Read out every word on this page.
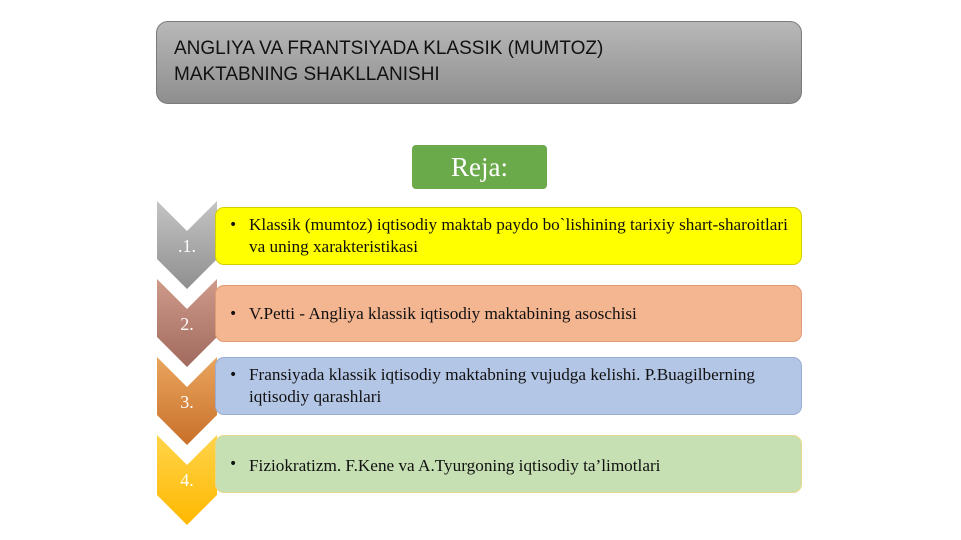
ANGLIYA VA FRANTSIYADA KLASSIK (MUMTOZ)
MAKTABNING SHAKLLANISHI
Reja:
.1.
2.
3.
4.
• Klassik (mumtoz) iqtisodiy maktab paydo bo`lishining tarixiy shart-sharoitlari va uning xarakteristikasi
• V.Petti - Angliya klassik iqtisodiy maktabining asoschisi
• Fransiyada klassik iqtisodiy maktabning vujudga kelishi. P.Buagilberning iqtisodiy qarashlari
• Fiziokratizm. F.Kene va A.Tyurgoning iqtisodiy ta’limotlari
